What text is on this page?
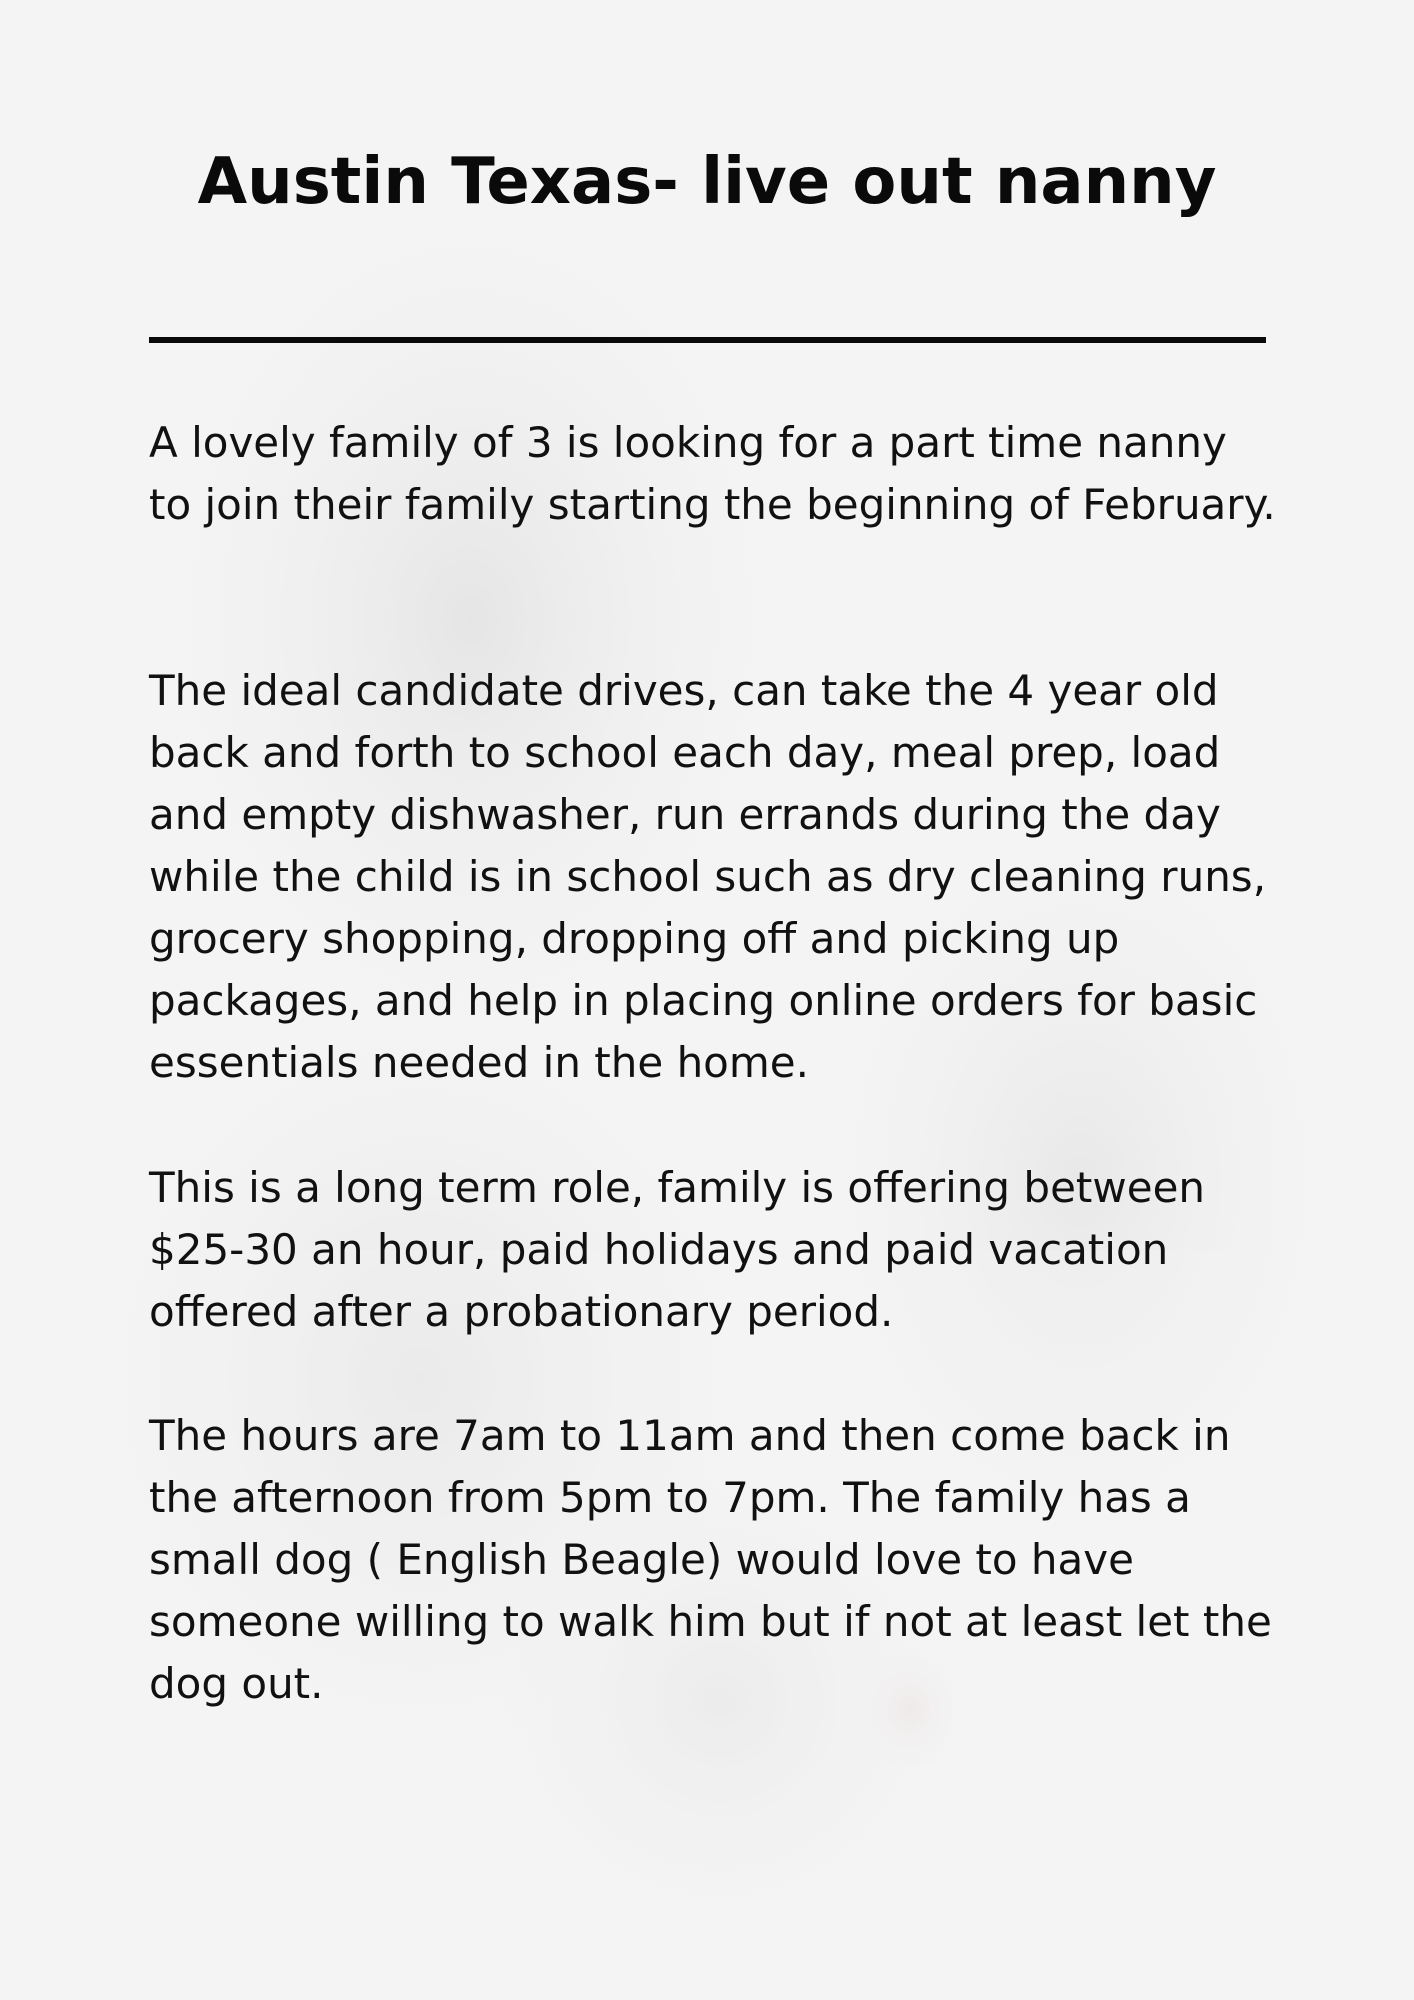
Austin Texas- live out nanny

A lovely family of 3 is looking for a part time nanny to join their family starting the beginning of February.

The ideal candidate drives, can take the 4 year old back and forth to school each day, meal prep, load and empty dishwasher, run errands during the day while the child is in school such as dry cleaning runs, grocery shopping, dropping off and picking up packages, and help in placing online orders for basic essentials needed in the home.

This is a long term role, family is offering between $25-30 an hour, paid holidays and paid vacation offered after a probationary period.

The hours are 7am to 11am and then come back in the afternoon from 5pm to 7pm. The family has a small dog ( English Beagle) would love to have someone willing to walk him but if not at least let the dog out.
